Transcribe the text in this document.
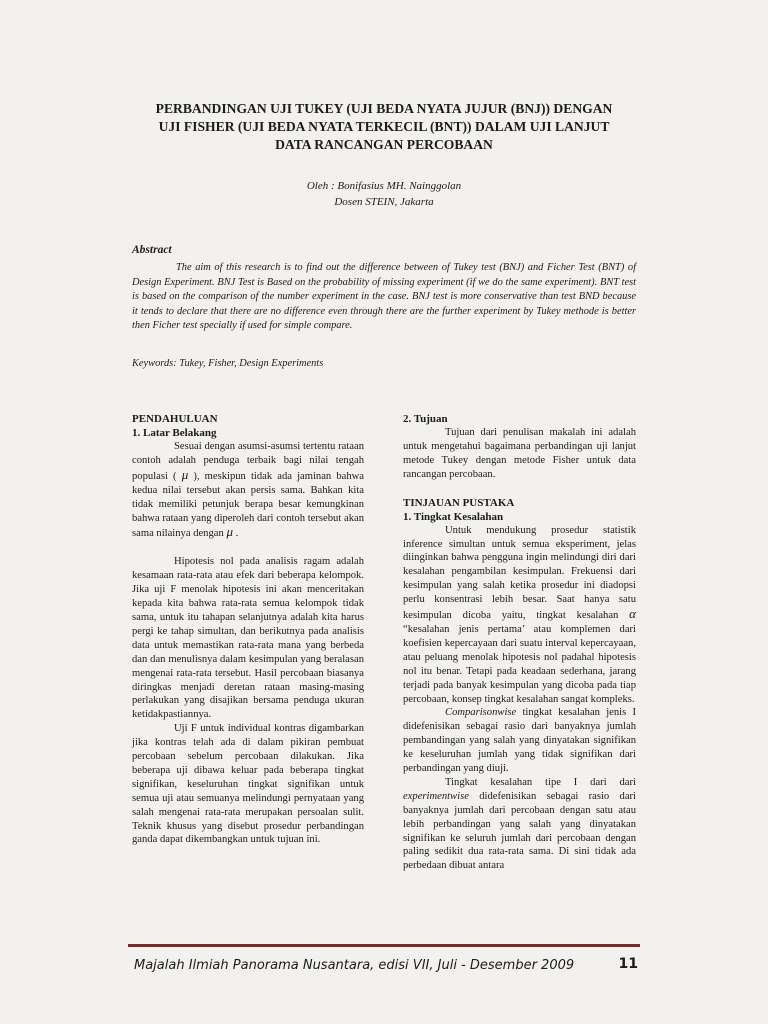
PERBANDINGAN UJI TUKEY (UJI BEDA NYATA JUJUR (BNJ)) DENGAN
UJI FISHER (UJI BEDA NYATA TERKECIL (BNT)) DALAM UJI LANJUT
DATA RANCANGAN PERCOBAAN
Oleh : Bonifasius MH. Nainggolan
Dosen STEIN, Jakarta
Abstract

The aim of this research is to find out the difference between of Tukey test (BNJ) and Ficher Test (BNT) of Design Experiment. BNJ Test is Based on the probability of missing experiment (if we do the same experiment). BNT test is based on the comparison of the number experiment in the case. BNJ test is more conservative than test BND because it tends to declare that there are no difference even through there are the further experiment by Tukey methode is better then Ficher test specially if used for simple compare.

Keywords: Tukey, Fisher, Design Experiments
PENDAHULUAN
1. Latar Belakang

Sesuai dengan asumsi-asumsi tertentu rataan contoh adalah penduga terbaik bagi nilai tengah populasi ( μ ), meskipun tidak ada jaminan bahwa kedua nilai tersebut akan persis sama. Bahkan kita tidak memiliki petunjuk berapa besar kemungkinan bahwa rataan yang diperoleh dari contoh tersebut akan sama nilainya dengan μ .

Hipotesis nol pada analisis ragam adalah kesamaan rata-rata atau efek dari beberapa kelompok. Jika uji F menolak hipotesis ini akan menceritakan kepada kita bahwa rata-rata semua kelompok tidak sama, untuk itu tahapan selanjutnya adalah kita harus pergi ke tahap simultan, dan berikutnya pada analisis data untuk memastikan rata-rata mana yang berbeda dan dan menulisnya dalam kesimpulan yang beralasan mengenai rata-rata tersebut. Hasil percobaan biasanya diringkas menjadi deretan rataan masing-masing perlakukan yang disajikan bersama penduga ukuran ketidakpastiannya.

Uji F untuk individual kontras digambarkan jika kontras telah ada di dalam pikiran pembuat percobaan sebelum percobaan dilakukan. Jika beberapa uji dibawa keluar pada beberapa tingkat signifikan, keseluruhan tingkat signifikan untuk semua uji atau semuanya melindungi pernyataan yang salah mengenai rata-rata merupakan persoalan sulit. Teknik khusus yang disebut prosedur perbandingan ganda dapat dikembangkan untuk tujuan ini.

2. Tujuan

Tujuan dari penulisan makalah ini adalah untuk mengetahui bagaimana perbandingan uji lanjut metode Tukey dengan metode Fisher untuk data rancangan percobaan.

TINJAUAN PUSTAKA
1. Tingkat Kesalahan

Untuk mendukung prosedur statistik inference simultan untuk semua eksperiment, jelas diinginkan bahwa pengguna ingin melindungi diri dari kesalahan pengambilan kesimpulan. Frekuensi dari kesimpulan yang salah ketika prosedur ini diadopsi perlu konsentrasi lebih besar. Saat hanya satu kesimpulan dicoba yaitu, tingkat kesalahan α “kesalahan jenis pertama’ atau komplemen dari koefisien kepercayaan dari suatu interval kepercayaan, atau peluang menolak hipotesis nol padahal hipotesis nol itu benar. Tetapi pada keadaan sederhana, jarang terjadi pada banyak kesimpulan yang dicoba pada tiap percobaan, konsep tingkat kesalahan sangat kompleks.

Comparisonwise tingkat kesalahan jenis I didefenisikan sebagai rasio dari banyaknya jumlah pembandingan yang salah yang dinyatakan signifikan ke keseluruhan jumlah yang tidak signifikan dari perbandingan yang diuji.

Tingkat kesalahan tipe I dari dari experimentwise didefenisikan sebagai rasio dari banyaknya jumlah dari percobaan dengan satu atau lebih perbandingan yang salah yang dinyatakan signifikan ke seluruh jumlah dari percobaan dengan paling sedikit dua rata-rata sama. Di sini tidak ada perbedaan dibuat antara

Majalah Ilmiah Panorama Nusantara, edisi VII, Juli - Desember 2009	11
